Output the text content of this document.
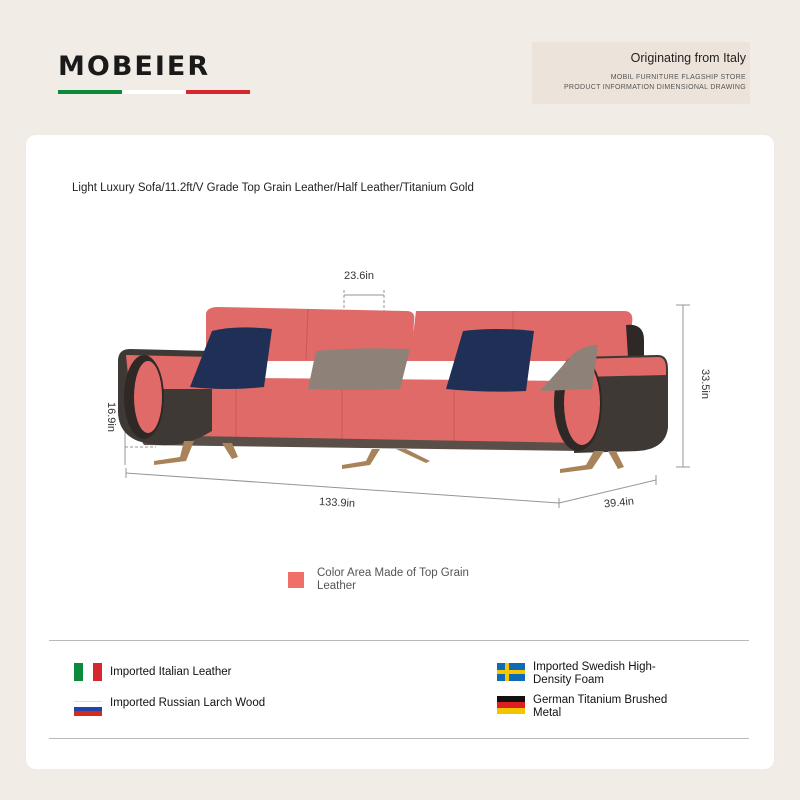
MOBEIER	Originating from Italy
MOBIL FURNITURE FLAGSHIP STORE
PRODUCT INFORMATION DIMENSIONAL DRAWING
Light Luxury Sofa/11.2ft/V Grade Top Grain Leather/Half Leather/Titanium Gold
23.6in
33.5in
16.9in
133.9in	39.4in
Color Area Made of Top Grain Leather
Imported Italian Leather
Imported Russian Larch Wood
Imported Swedish High-Density Foam
German Titanium Brushed Metal
